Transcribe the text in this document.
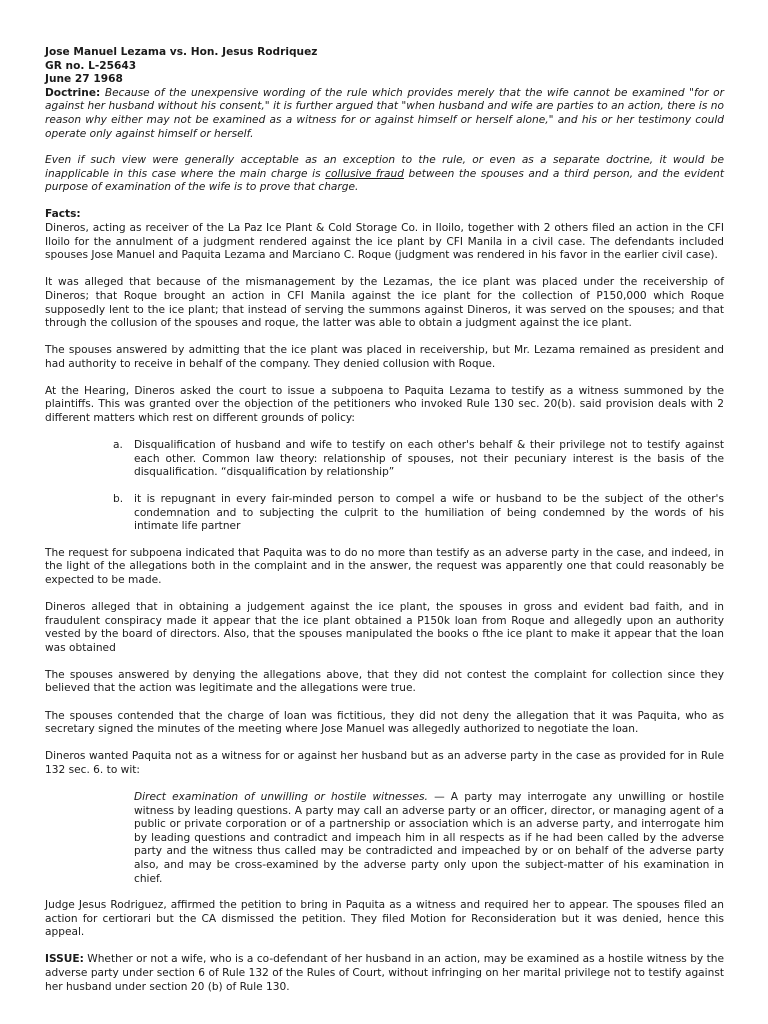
Jose Manuel Lezama vs. Hon. Jesus Rodriquez
GR no. L-25643
June 27 1968
Doctrine: Because of the unexpensive wording of the rule which provides merely that the wife cannot be examined "for or against her husband without his consent," it is further argued that "when husband and wife are parties to an action, there is no reason why either may not be examined as a witness for or against himself or herself alone," and his or her testimony could operate only against himself or herself.

Even if such view were generally acceptable as an exception to the rule, or even as a separate doctrine, it would be inapplicable in this case where the main charge is collusive fraud between the spouses and a third person, and the evident purpose of examination of the wife is to prove that charge.

Facts:

Dineros, acting as receiver of the La Paz Ice Plant & Cold Storage Co. in Iloilo, together with 2 others filed an action in the CFI Iloilo for the annulment of a judgment rendered against the ice plant by CFI Manila in a civil case. The defendants included spouses Jose Manuel and Paquita Lezama and Marciano C. Roque (judgment was rendered in his favor in the earlier civil case).

It was alleged that because of the mismanagement by the Lezamas, the ice plant was placed under the receivership of Dineros; that Roque brought an action in CFI Manila against the ice plant for the collection of P150,000 which Roque supposedly lent to the ice plant; that instead of serving the summons against Dineros, it was served on the spouses; and that through the collusion of the spouses and roque, the latter was able to obtain a judgment against the ice plant.

The spouses answered by admitting that the ice plant was placed in receivership, but Mr. Lezama remained as president and had authority to receive in behalf of the company. They denied collusion with Roque.

At the Hearing, Dineros asked the court to issue a subpoena to Paquita Lezama to testify as a witness summoned by the plaintiffs. This was granted over the objection of the petitioners who invoked Rule 130 sec. 20(b). said provision deals with 2 different matters which rest on different grounds of policy:

a. Disqualification of husband and wife to testify on each other's behalf & their privilege not to testify against each other. Common law theory: relationship of spouses, not their pecuniary interest is the basis of the disqualification. “disqualification by relationship”
b. it is repugnant in every fair-minded person to compel a wife or husband to be the subject of the other's condemnation and to subjecting the culprit to the humiliation of being condemned by the words of his intimate life partner

The request for subpoena indicated that Paquita was to do no more than testify as an adverse party in the case, and indeed, in the light of the allegations both in the complaint and in the answer, the request was apparently one that could reasonably be expected to be made.

Dineros alleged that in obtaining a judgement against the ice plant, the spouses in gross and evident bad faith, and in fraudulent conspiracy made it appear that the ice plant obtained a P150k loan from Roque and allegedly upon an authority vested by the board of directors. Also, that the spouses manipulated the books o fthe ice plant to make it appear that the loan was obtained

The spouses answered by denying the allegations above, that they did not contest the complaint for collection since they believed that the action was legitimate and the allegations were true.

The spouses contended that the charge of loan was fictitious, they did not deny the allegation that it was Paquita, who as secretary signed the minutes of the meeting where Jose Manuel was allegedly authorized to negotiate the loan.

Dineros wanted Paquita not as a witness for or against her husband but as an adverse party in the case as provided for in Rule 132 sec. 6. to wit:

Direct examination of unwilling or hostile witnesses. — A party may interrogate any unwilling or hostile witness by leading questions. A party may call an adverse party or an officer, director, or managing agent of a public or private corporation or of a partnership or association which is an adverse party, and interrogate him by leading questions and contradict and impeach him in all respects as if he had been called by the adverse party and the witness thus called may be contradicted and impeached by or on behalf of the adverse party also, and may be cross-examined by the adverse party only upon the subject-matter of his examination in chief.

Judge Jesus Rodriguez, affirmed the petition to bring in Paquita as a witness and required her to appear. The spouses filed an action for certiorari but the CA dismissed the petition. They filed Motion for Reconsideration but it was denied, hence this appeal.

ISSUE: Whether or not a wife, who is a co-defendant of her husband in an action, may be examined as a hostile witness by the adverse party under section 6 of Rule 132 of the Rules of Court, without infringing on her marital privilege not to testify against her husband under section 20 (b) of Rule 130.
